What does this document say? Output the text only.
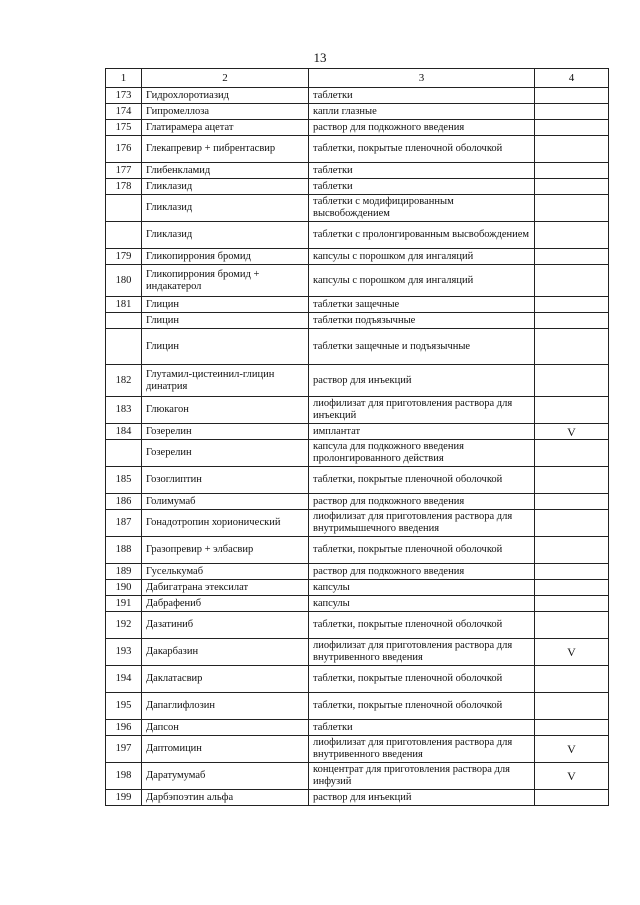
13
1	2	3	4
173	Гидрохлоротиазид	таблетки	
174	Гипромеллоза	капли глазные	
175	Глатирамера ацетат	раствор для подкожного введения	
176	Глекапревир + пибрентасвир	таблетки, покрытые пленочной оболочкой	
177	Глибенкламид	таблетки	
178	Гликлазид	таблетки	
	Гликлазид	таблетки с модифицированным высвобождением	
	Гликлазид	таблетки с пролонгированным высвобождением	
179	Гликопиррония бромид	капсулы с порошком для ингаляций	
180	Гликопиррония бромид + индакатерол	капсулы с порошком для ингаляций	
181	Глицин	таблетки защечные	
	Глицин	таблетки подъязычные	
	Глицин	таблетки защечные и подъязычные	
182	Глутамил-цистеинил-глицин динатрия	раствор для инъекций	
183	Глюкагон	лиофилизат для приготовления раствора для инъекций	
184	Гозерелин	имплантат	V
	Гозерелин	капсула для подкожного введения пролонгированного действия	
185	Гозоглиптин	таблетки, покрытые пленочной оболочкой	
186	Голимумаб	раствор для подкожного введения	
187	Гонадотропин хорионический	лиофилизат для приготовления раствора для внутримышечного введения	
188	Гразопревир + элбасвир	таблетки, покрытые пленочной оболочкой	
189	Гуселькумаб	раствор для подкожного введения	
190	Дабигатрана этексилат	капсулы	
191	Дабрафениб	капсулы	
192	Дазатиниб	таблетки, покрытые пленочной оболочкой	
193	Дакарбазин	лиофилизат для приготовления раствора для внутривенного введения	V
194	Даклатасвир	таблетки, покрытые пленочной оболочкой	
195	Дапаглифлозин	таблетки, покрытые пленочной оболочкой	
196	Дапсон	таблетки	
197	Даптомицин	лиофилизат для приготовления раствора для внутривенного введения	V
198	Даратумумаб	концентрат для приготовления раствора для инфузий	V
199	Дарбэпоэтин альфа	раствор для инъекций	
